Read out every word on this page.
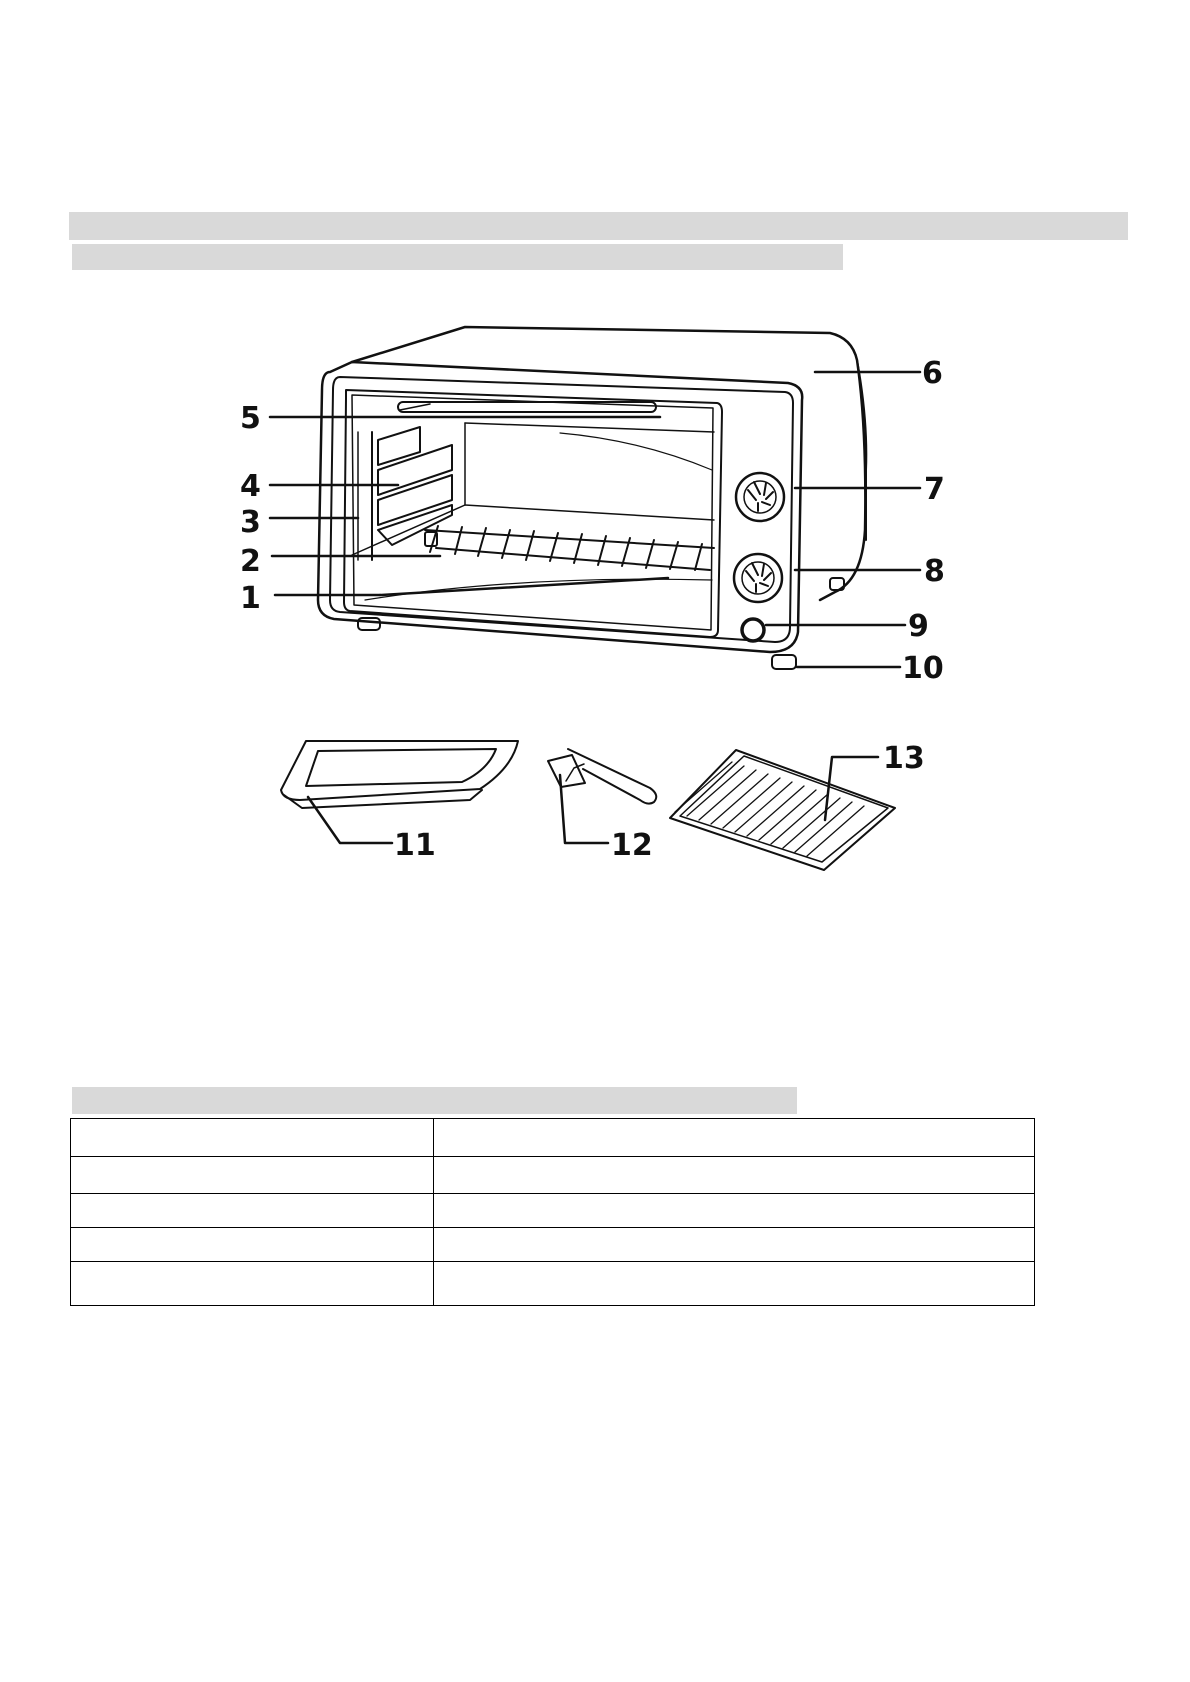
1
2
3
4
5
6
7
8
9
10
11	12
13
